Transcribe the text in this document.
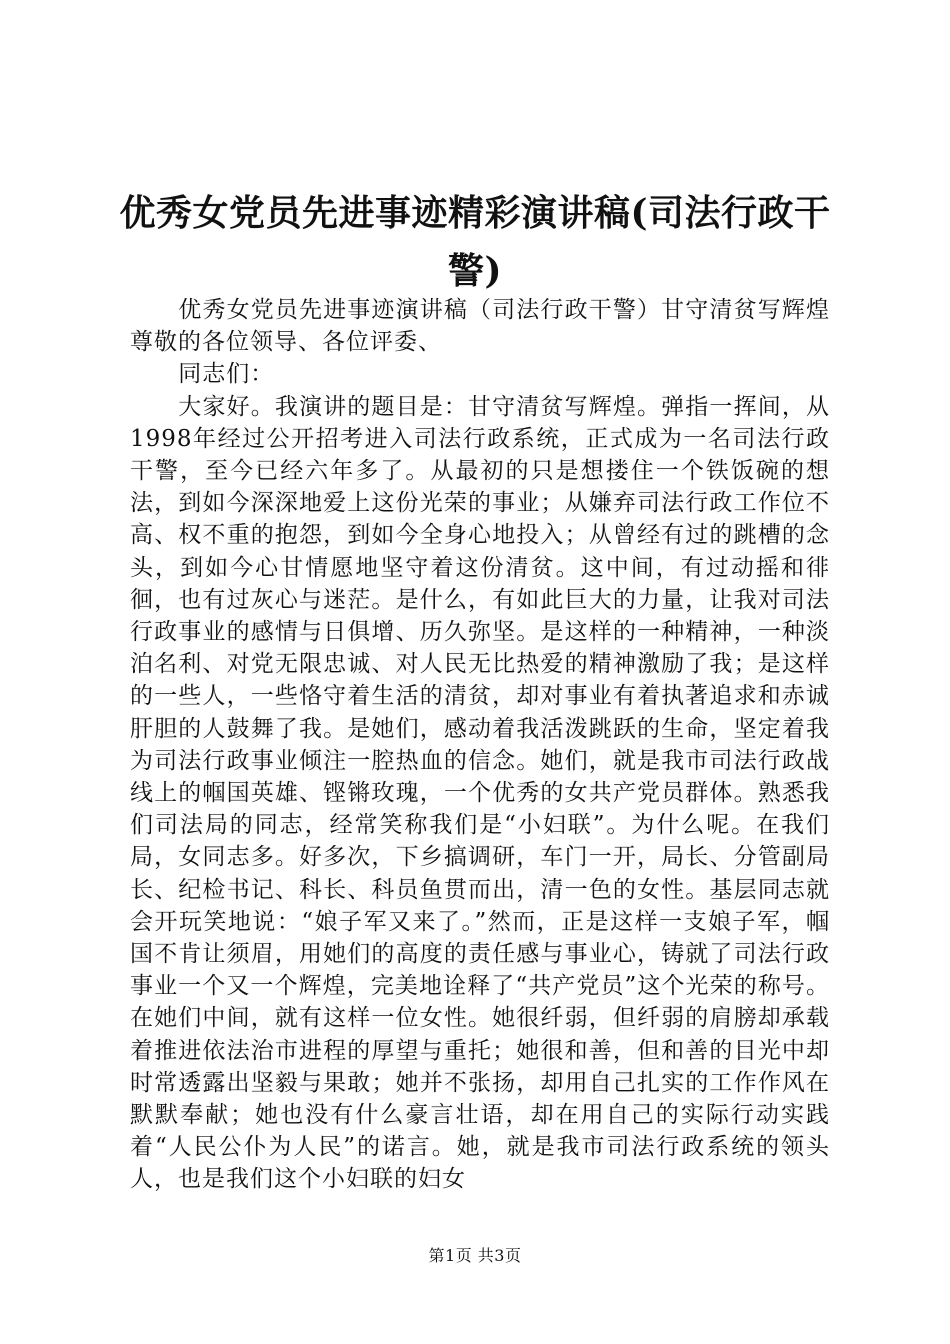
优秀女党员先进事迹精彩演讲稿(司法行政干警)

优秀女党员先进事迹演讲稿（司法行政干警）甘守清贫写辉煌尊敬的各位领导、各位评委、

同志们：

大家好。我演讲的题目是：甘守清贫写辉煌。弹指一挥间，从1998年经过公开招考进入司法行政系统，正式成为一名司法行政干警，至今已经六年多了。从最初的只是想搂住一个铁饭碗的想法，到如今深深地爱上这份光荣的事业；从嫌弃司法行政工作位不高、权不重的抱怨，到如今全身心地投入；从曾经有过的跳槽的念头，到如今心甘情愿地坚守着这份清贫。这中间，有过动摇和徘徊，也有过灰心与迷茫。是什么，有如此巨大的力量，让我对司法行政事业的感情与日俱增、历久弥坚。是这样的一种精神，一种淡泊名利、对党无限忠诚、对人民无比热爱的精神激励了我；是这样的一些人，一些恪守着生活的清贫，却对事业有着执著追求和赤诚肝胆的人鼓舞了我。是她们，感动着我活泼跳跃的生命，坚定着我为司法行政事业倾注一腔热血的信念。她们，就是我市司法行政战线上的帼国英雄、铿锵玫瑰，一个优秀的女共产党员群体。熟悉我们司法局的同志，经常笑称我们是“小妇联”。为什么呢。在我们局，女同志多。好多次，下乡搞调研，车门一开，局长、分管副局长、纪检书记、科长、科员鱼贯而出，清一色的女性。基层同志就会开玩笑地说：“娘子军又来了。”然而，正是这样一支娘子军，帼国不肯让须眉，用她们的高度的责任感与事业心，铸就了司法行政事业一个又一个辉煌，完美地诠释了“共产党员”这个光荣的称号。在她们中间，就有这样一位女性。她很纤弱，但纤弱的肩膀却承载着推进依法治市进程的厚望与重托；她很和善，但和善的目光中却时常透露出坚毅与果敢；她并不张扬，却用自己扎实的工作作风在默默奉献；她也没有什么豪言壮语，却在用自己的实际行动实践着“人民公仆为人民”的诺言。她，就是我市司法行政系统的领头人，也是我们这个小妇联的妇女

第1页 共3页
